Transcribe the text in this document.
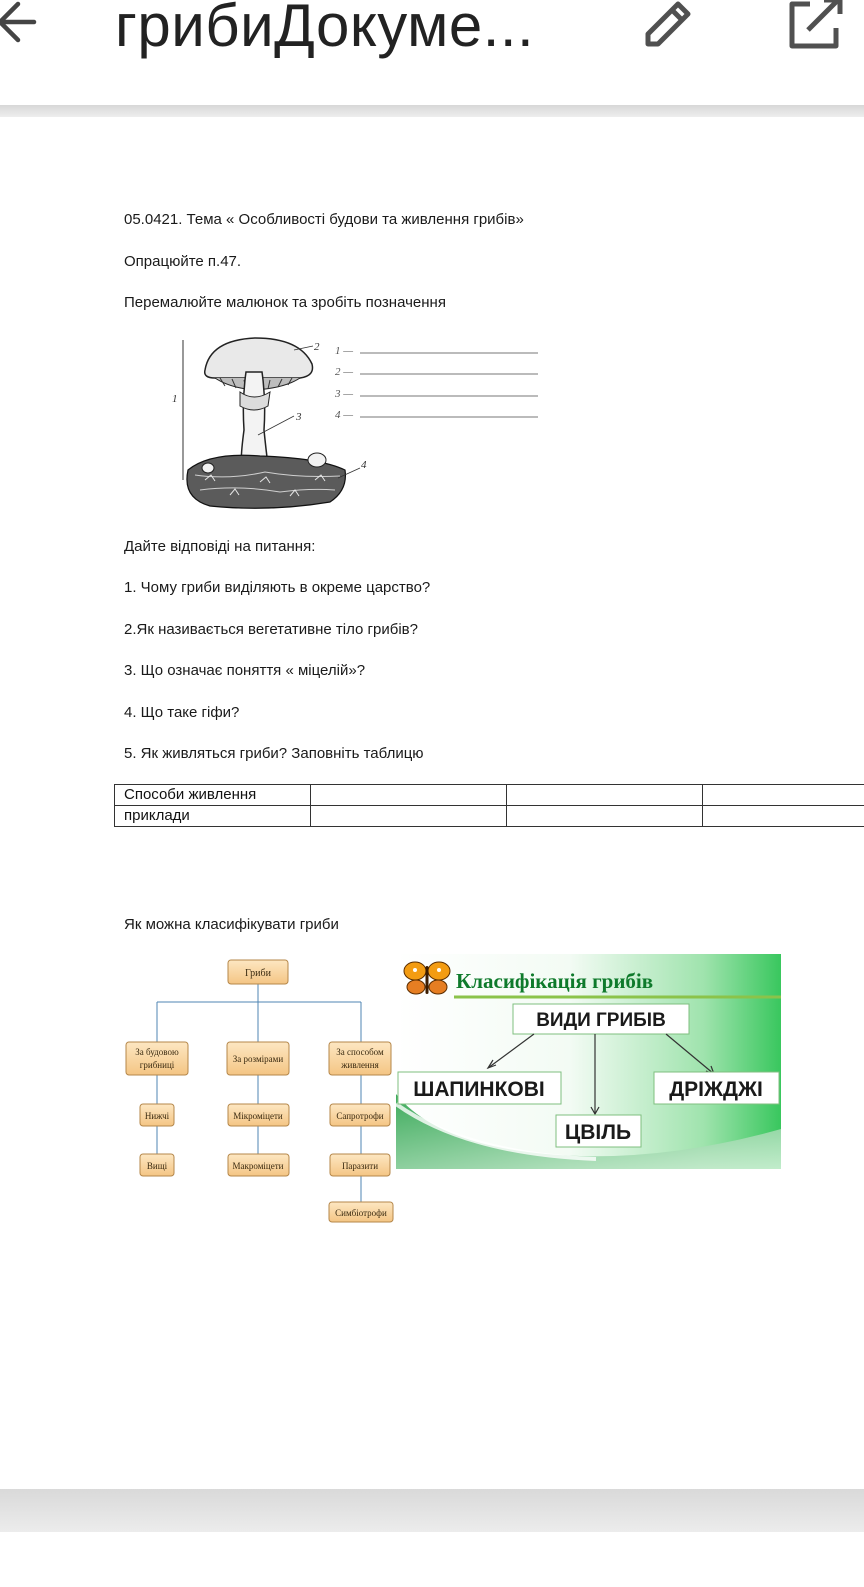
грибиДокуме...
05.0421. Тема « Особливості будови та живлення грибів»
Опрацюйте п.47.
Перемалюйте малюнок та зробіть позначення
1
2
3
4
1 —
2 —
3 —
4 —
Дайте відповіді на питання:
1. Чому гриби виділяють в окреме царство?
2.Як називається вегетативне тіло грибів?
3. Що означає поняття « міцелій»?
4. Що таке гіфи?
5. Як живляться гриби? Заповніть таблицю
Способи живлення			
приклади			
Як можна класифікувати гриби
Гриби
За будовою
грибниці
За розмірами
За способом
живлення
Нижчі
Вищі
Мікроміцети
Макроміцети
Сапротрофи
Паразити
Симбіотрофи
Класифікація грибів
ВИДИ ГРИБІВ
ШАПИНКОВІ	ДРІЖДЖІ
ЦВІЛЬ
